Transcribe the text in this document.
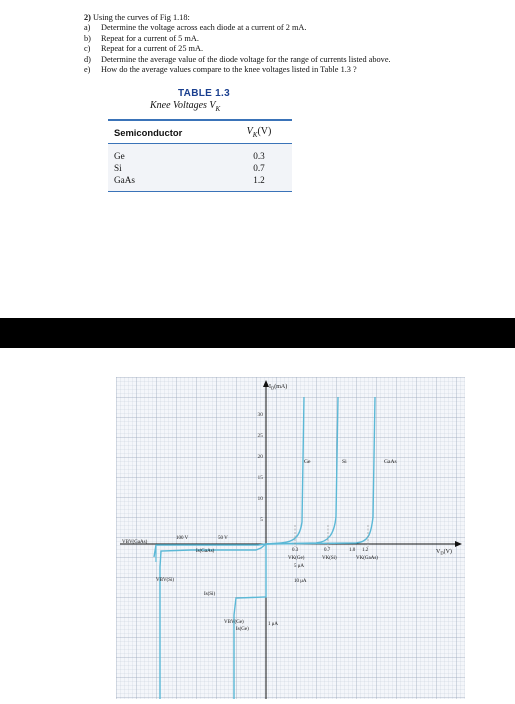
2)
Using the curves of Fig 1.18:
a)	Determine the voltage across each diode at a current of 2 mA.
b)	Repeat for a current of 5 mA.
c)	Repeat for a current of 25 mA.
d)	Determine the average value of the diode voltage for the range of currents listed above.
e)	How do the average values compare to the knee voltages listed in Table 1.3 ?
TABLE 1.3
Knee Voltages $V_K$
Semiconductor	$V_K(V)$
Ge	0.3
Si	0.7
GaAs	1.2
$I_D(mA)$
$V_D(V)$
30
25
20
15
10
5
Ge	Si	GaAs
0.3	0.7	1.0 1.2
VK(Ge)	VK(Si)	VK(GaAs)
VBV(GaAs)
100 V	50 V
Is(GaAs)
VBV(Si)
Is(Si)
VBV(Ge)
Is(Ge)
5 μA
10 μA
1 μA
